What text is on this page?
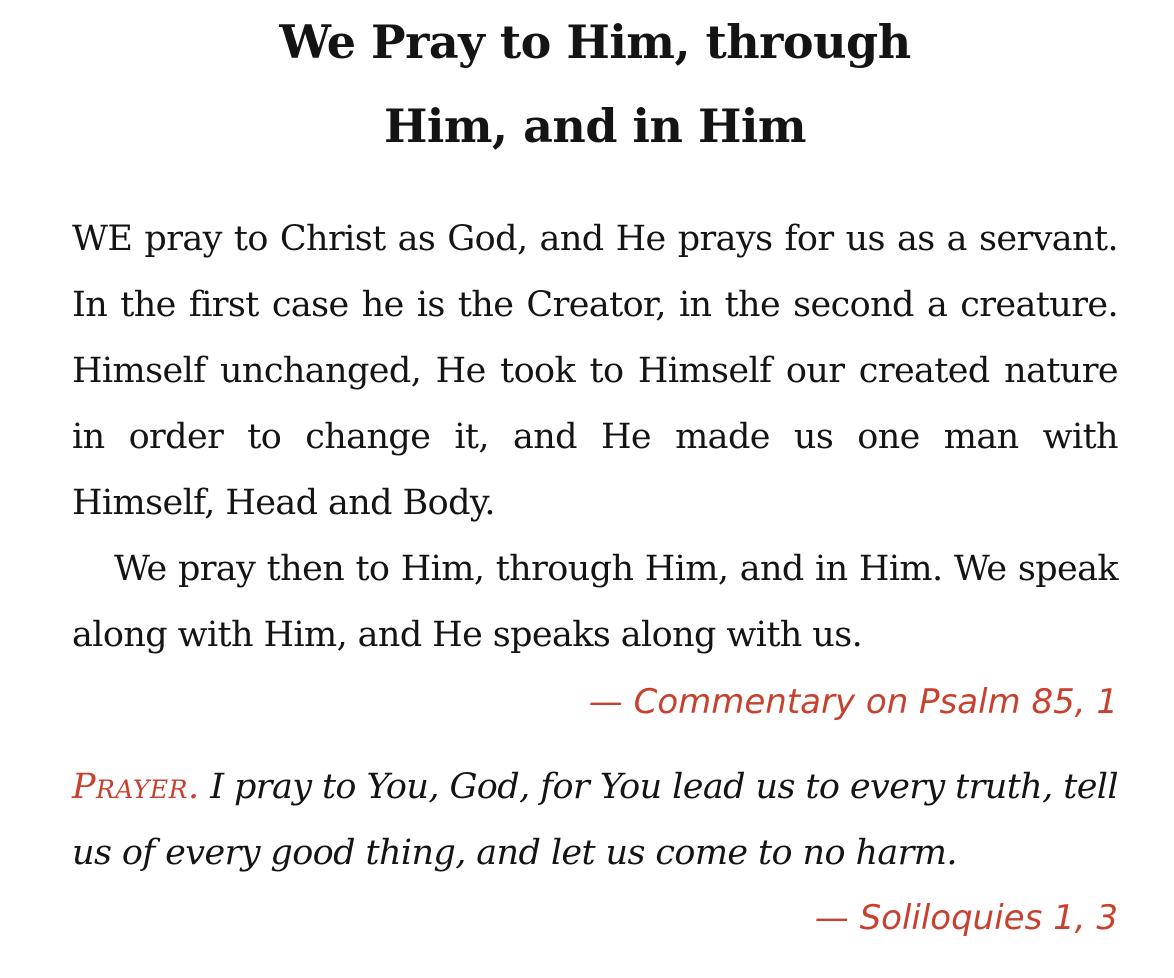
We Pray to Him, through
Him, and in Him

WE pray to Christ as God, and He prays for us as a servant. In the first case he is the Creator, in the second a creature. Himself unchanged, He took to Himself our created nature in order to change it, and He made us one man with Himself, Head and Body.

We pray then to Him, through Him, and in Him. We speak along with Him, and He speaks along with us.

— Commentary on Psalm 85, 1

Prayer. I pray to You, God, for You lead us to every truth, tell us of every good thing, and let us come to no harm.

— Soliloquies 1, 3
